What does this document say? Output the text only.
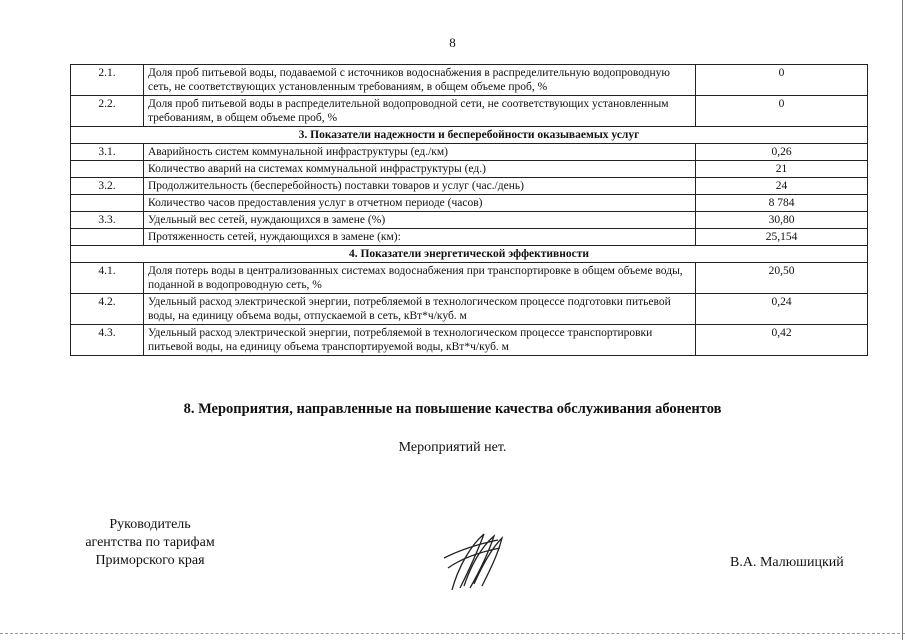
8
2.1.	Доля проб питьевой воды, подаваемой с источников водоснабжения в распределительную водопроводную сеть, не соответствующих установленным требованиям, в общем объеме проб, %	0
2.2.	Доля проб питьевой воды в распределительной водопроводной сети, не соответствующих установленным требованиям, в общем объеме проб, %	0
3. Показатели надежности и бесперебойности оказываемых услуг		
3.1.	Аварийность систем коммунальной инфраструктуры (ед./км)	0,26
	Количество аварий на системах коммунальной инфраструктуры (ед.)	21
3.2.	Продолжительность (бесперебойность) поставки товаров и услуг (час./день)	24
	Количество часов предоставления услуг в отчетном периоде (часов)	8 784
3.3.	Удельный вес сетей, нуждающихся в замене (%)	30,80
	Протяженность сетей, нуждающихся в замене (км):	25,154
4. Показатели энергетической эффективности		
4.1.	Доля потерь воды в централизованных системах водоснабжения при транспортировке в общем объеме воды, поданной в водопроводную сеть, %	20,50
4.2.	Удельный расход электрической энергии, потребляемой в технологическом процессе подготовки питьевой воды, на единицу объема воды, отпускаемой в сеть, кВт*ч/куб. м	0,24
4.3.	Удельный расход электрической энергии, потребляемой в технологическом процессе транспортировки питьевой воды, на единицу объема транспортируемой воды, кВт*ч/куб. м	0,42
8. Мероприятия, направленные на повышение качества обслуживания абонентов
Мероприятий нет.
Руководитель
агентства по тарифам
Приморского края	В.А. Малюшицкий
